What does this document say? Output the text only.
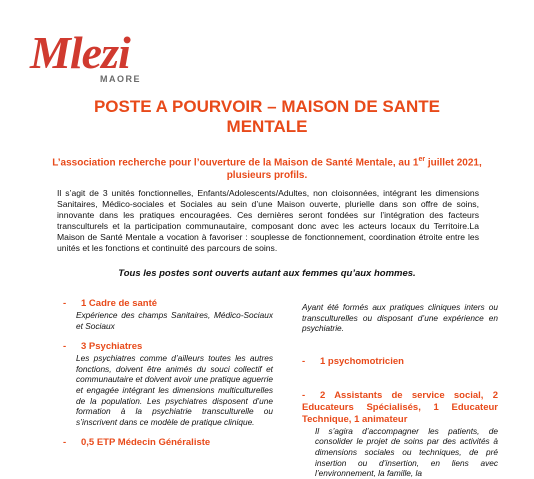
Mlezi
MAORE
POSTE A POURVOIR – MAISON DE SANTE
MENTALE
L’association recherche pour l’ouverture de la Maison de Santé Mentale, au 1er juillet 2021, plusieurs profils.
Il s’agit de 3 unités fonctionnelles, Enfants/Adolescents/Adultes, non cloisonnées, intégrant les dimensions Sanitaires, Médico-sociales et Sociales au sein d’une Maison ouverte, plurielle dans son offre de soins, innovante dans les pratiques encouragées. Ces dernières seront fondées sur l’intégration des facteurs transculturels et la participation communautaire, composant donc avec les acteurs locaux du Territoire.La Maison de Santé Mentale a vocation à favoriser : souplesse de fonctionnement, coordination étroite entre les unités et les fonctions et continuité des parcours de soins.
Tous les postes sont ouverts autant aux femmes qu’aux hommes.
- 1 Cadre de santé
Expérience des champs Sanitaires, Médico-Sociaux et Sociaux
- 3 Psychiatres
Les psychiatres comme d’ailleurs toutes les autres fonctions, doivent être animés du souci collectif et communautaire et doivent avoir une pratique aguerrie et engagée intégrant les dimensions multiculturelles de la population. Les psychiatres disposent d’une formation à la psychiatrie transculturelle ou s’inscrivent dans ce modèle de pratique clinique.
- 0,5 ETP Médecin Généraliste
Ayant été formés aux pratiques cliniques inters ou transculturelles ou disposant d’une expérience en psychiatrie.
- 1 psychomotricien
- 2 Assistants de service social, 2 Educateurs Spécialisés, 1 Educateur Technique, 1 animateur
Il s’agira d’accompagner les patients, de consolider le projet de soins par des activités à dimensions sociales ou techniques, de pré insertion ou d’insertion, en liens avec l’environnement, la famille, la
